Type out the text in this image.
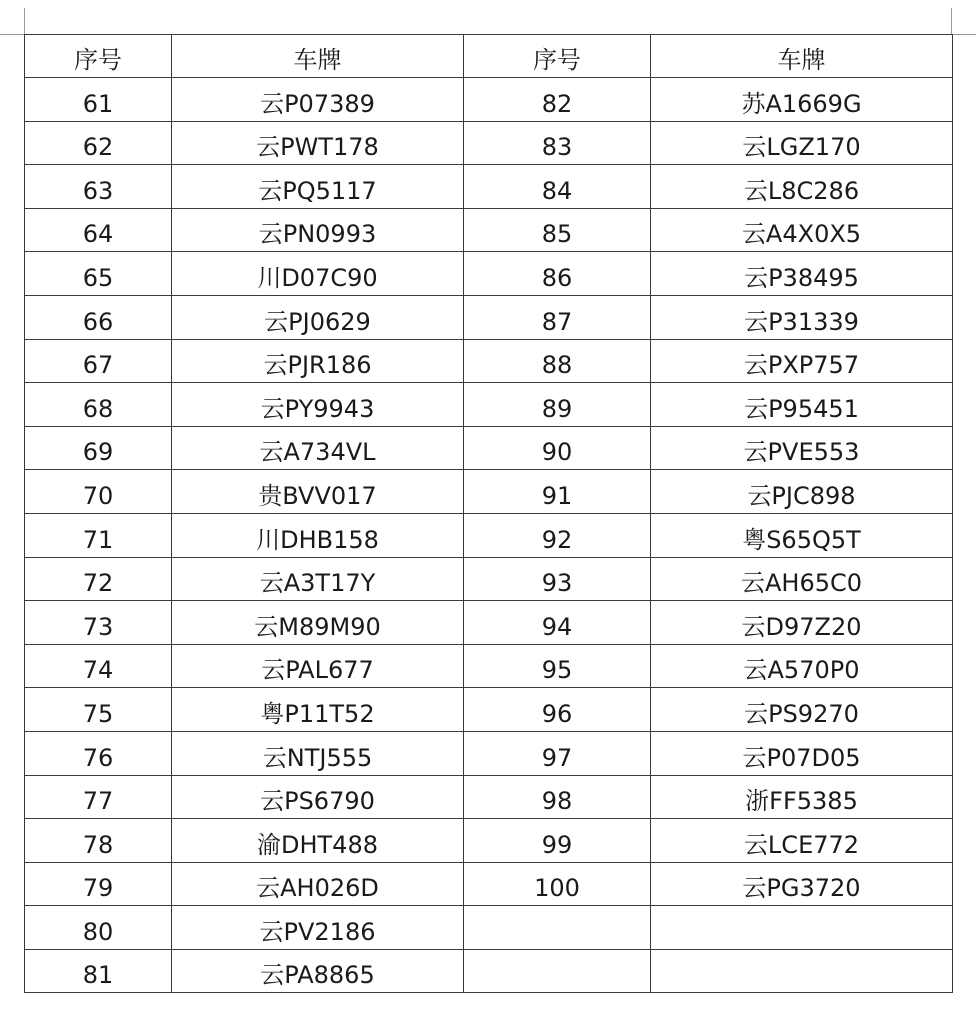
序号	车牌	序号	车牌
61	云P07389	82	苏A1669G
62	云PWT178	83	云LGZ170
63	云PQ5117	84	云L8C286
64	云PN0993	85	云A4X0X5
65	川D07C90	86	云P38495
66	云PJ0629	87	云P31339
67	云PJR186	88	云PXP757
68	云PY9943	89	云P95451
69	云A734VL	90	云PVE553
70	贵BVV017	91	云PJC898
71	川DHB158	92	粤S65Q5T
72	云A3T17Y	93	云AH65C0
73	云M89M90	94	云D97Z20
74	云PAL677	95	云A570P0
75	粤P11T52	96	云PS9270
76	云NTJ555	97	云P07D05
77	云PS6790	98	浙FF5385
78	渝DHT488	99	云LCE772
79	云AH026D	100	云PG3720
80	云PV2186		
81	云PA8865		
